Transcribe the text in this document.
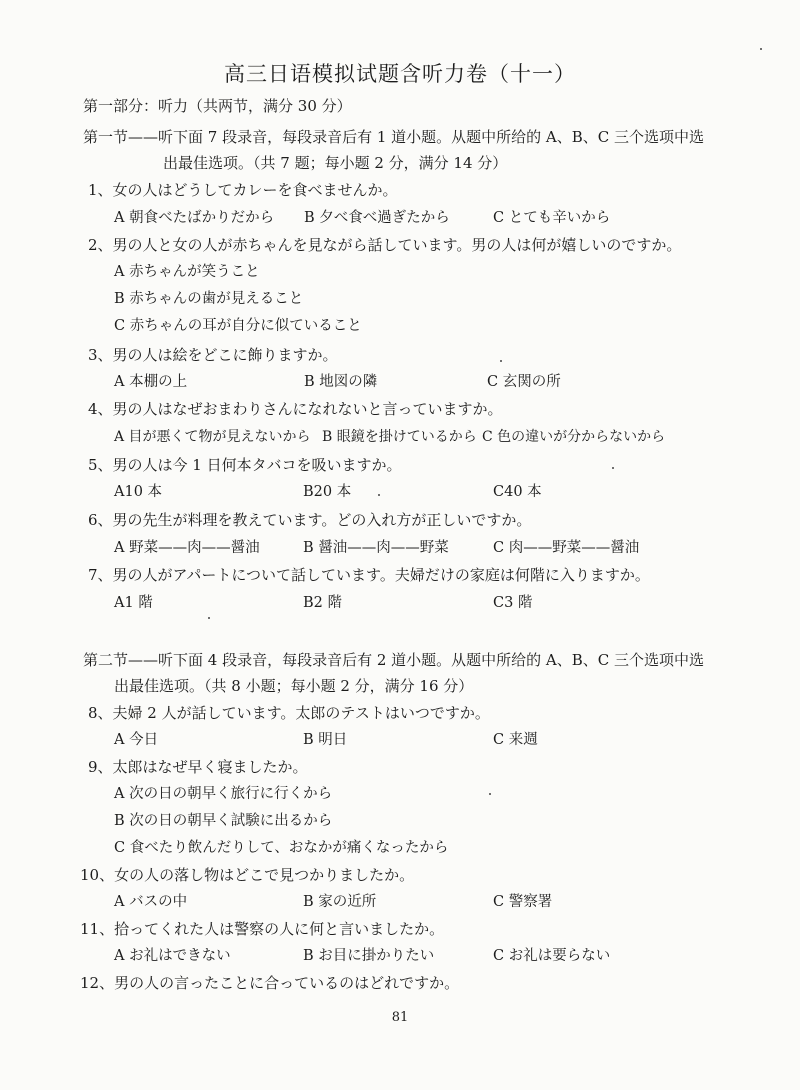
高三日语模拟试题含听力卷（十一）
第一部分：听力（共两节，满分 30 分）
第一节——听下面 7 段录音，每段录音后有 1 道小题。从题中所给的 A、B、C 三个选项中选
出最佳选项。（共 7 题；每小题 2 分，满分 14 分）
1、女の人はどうしてカレーを食べませんか。
A 朝食べたばかりだから B 夕べ食べ過ぎたから	C とても辛いから
2、男の人と女の人が赤ちゃんを見ながら話しています。男の人は何が嬉しいのですか。
A 赤ちゃんが笑うこと
B 赤ちゃんの歯が見えること
C 赤ちゃんの耳が自分に似ていること
3、男の人は絵をどこに飾りますか。
A 本棚の上	B 地図の隣	C 玄関の所
4、男の人はなぜおまわりさんになれないと言っていますか。
A 目が悪くて物が見えないから B 眼鏡を掛けているから C 色の違いが分からないから
5、男の人は今 1 日何本タバコを吸いますか。
A10 本	B20 本	C40 本
6、男の先生が料理を教えています。どの入れ方が正しいですか。
A 野菜——肉——醤油	B 醤油——肉——野菜	C 肉——野菜——醤油
7、男の人がアパートについて話しています。夫婦だけの家庭は何階に入りますか。
A1 階	B2 階	C3 階
第二节——听下面 4 段录音，每段录音后有 2 道小题。从题中所给的 A、B、C 三个选项中选
出最佳选项。（共 8 小题；每小题 2 分，满分 16 分）
8、夫婦 2 人が話しています。太郎のテストはいつですか。
A 今日	B 明日	C 来週
9、太郎はなぜ早く寝ましたか。
A 次の日の朝早く旅行に行くから
B 次の日の朝早く試験に出るから
C 食べたり飲んだりして、おなかが痛くなったから
10、女の人の落し物はどこで見つかりましたか。
A バスの中	B 家の近所	C 警察署
11、拾ってくれた人は警察の人に何と言いましたか。
A お礼はできない	B お目に掛かりたい	C お礼は要らない
12、男の人の言ったことに合っているのはどれですか。
81
